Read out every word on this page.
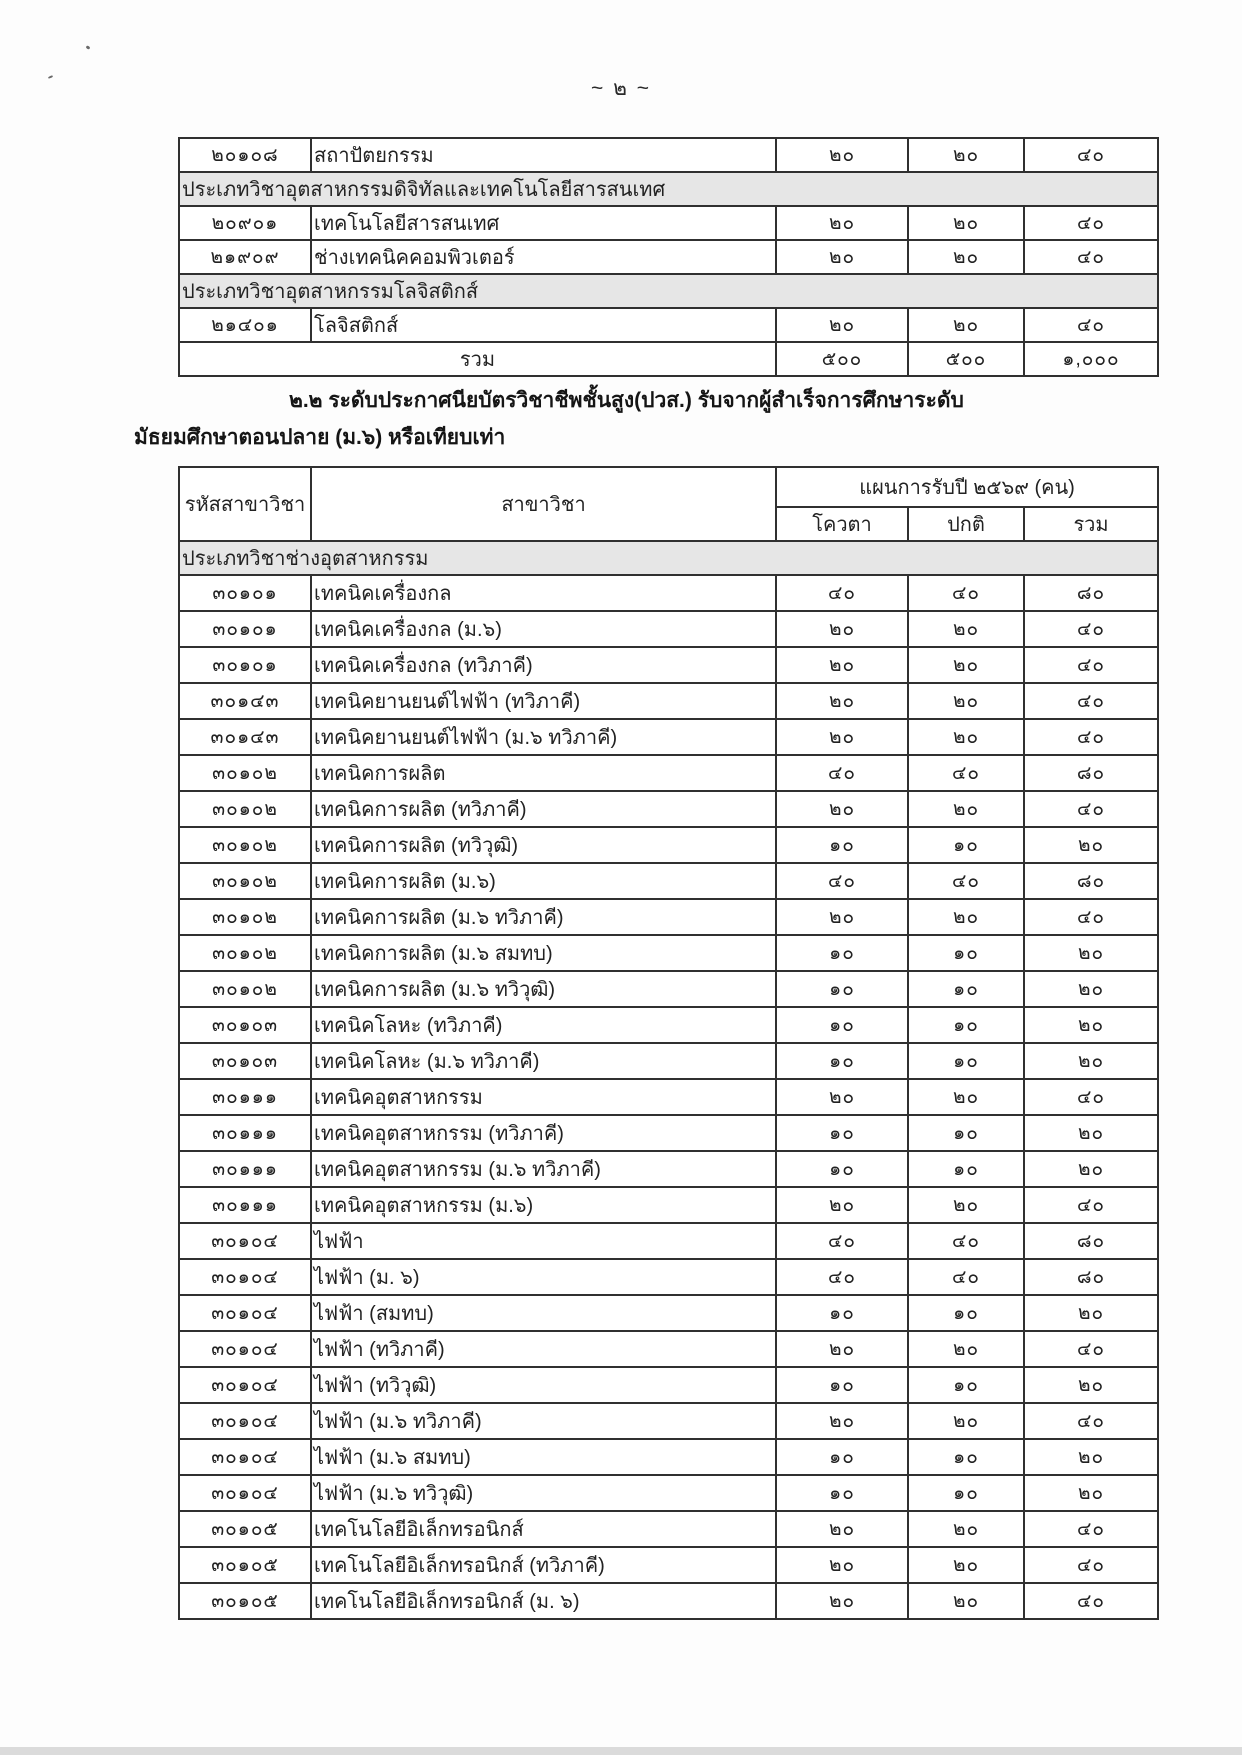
~ ๒ ~
๒๐๑๐๘	สถาปัตยกรรม	๒๐	๒๐	๔๐
ประเภทวิชาอุตสาหกรรมดิจิทัลและเทคโนโลยีสารสนเทศ				
๒๐๙๐๑	เทคโนโลยีสารสนเทศ	๒๐	๒๐	๔๐
๒๑๙๐๙	ช่างเทคนิคคอมพิวเตอร์	๒๐	๒๐	๔๐
ประเภทวิชาอุตสาหกรรมโลจิสติกส์				
๒๑๔๐๑	โลจิสติกส์	๒๐	๒๐	๔๐
รวม		๕๐๐	๕๐๐	๑,๐๐๐
๒.๒ ระดับประกาศนียบัตรวิชาชีพชั้นสูง(ปวส.) รับจากผู้สำเร็จการศึกษาระดับ
มัธยมศึกษาตอนปลาย (ม.๖) หรือเทียบเท่า
รหัสสาขาวิชา	สาขาวิชา	แผนการรับปี ๒๕๖๙ (คน)		
		โควตา	ปกติ	รวม
ประเภทวิชาช่างอุตสาหกรรม				
๓๐๑๐๑	เทคนิคเครื่องกล	๔๐	๔๐	๘๐
๓๐๑๐๑	เทคนิคเครื่องกล (ม.๖)	๒๐	๒๐	๔๐
๓๐๑๐๑	เทคนิคเครื่องกล (ทวิภาคี)	๒๐	๒๐	๔๐
๓๐๑๔๓	เทคนิคยานยนต์ไฟฟ้า (ทวิภาคี)	๒๐	๒๐	๔๐
๓๐๑๔๓	เทคนิคยานยนต์ไฟฟ้า (ม.๖ ทวิภาคี)	๒๐	๒๐	๔๐
๓๐๑๐๒	เทคนิคการผลิต	๔๐	๔๐	๘๐
๓๐๑๐๒	เทคนิคการผลิต (ทวิภาคี)	๒๐	๒๐	๔๐
๓๐๑๐๒	เทคนิคการผลิต (ทวิวุฒิ)	๑๐	๑๐	๒๐
๓๐๑๐๒	เทคนิคการผลิต (ม.๖)	๔๐	๔๐	๘๐
๓๐๑๐๒	เทคนิคการผลิต (ม.๖ ทวิภาคี)	๒๐	๒๐	๔๐
๓๐๑๐๒	เทคนิคการผลิต (ม.๖ สมทบ)	๑๐	๑๐	๒๐
๓๐๑๐๒	เทคนิคการผลิต (ม.๖ ทวิวุฒิ)	๑๐	๑๐	๒๐
๓๐๑๐๓	เทคนิคโลหะ (ทวิภาคี)	๑๐	๑๐	๒๐
๓๐๑๐๓	เทคนิคโลหะ (ม.๖ ทวิภาคี)	๑๐	๑๐	๒๐
๓๐๑๑๑	เทคนิคอุตสาหกรรม	๒๐	๒๐	๔๐
๓๐๑๑๑	เทคนิคอุตสาหกรรม (ทวิภาคี)	๑๐	๑๐	๒๐
๓๐๑๑๑	เทคนิคอุตสาหกรรม (ม.๖ ทวิภาคี)	๑๐	๑๐	๒๐
๓๐๑๑๑	เทคนิคอุตสาหกรรม (ม.๖)	๒๐	๒๐	๔๐
๓๐๑๐๔	ไฟฟ้า	๔๐	๔๐	๘๐
๓๐๑๐๔	ไฟฟ้า (ม. ๖)	๔๐	๔๐	๘๐
๓๐๑๐๔	ไฟฟ้า (สมทบ)	๑๐	๑๐	๒๐
๓๐๑๐๔	ไฟฟ้า (ทวิภาคี)	๒๐	๒๐	๔๐
๓๐๑๐๔	ไฟฟ้า (ทวิวุฒิ)	๑๐	๑๐	๒๐
๓๐๑๐๔	ไฟฟ้า (ม.๖ ทวิภาคี)	๒๐	๒๐	๔๐
๓๐๑๐๔	ไฟฟ้า (ม.๖ สมทบ)	๑๐	๑๐	๒๐
๓๐๑๐๔	ไฟฟ้า (ม.๖ ทวิวุฒิ)	๑๐	๑๐	๒๐
๓๐๑๐๕	เทคโนโลยีอิเล็กทรอนิกส์	๒๐	๒๐	๔๐
๓๐๑๐๕	เทคโนโลยีอิเล็กทรอนิกส์ (ทวิภาคี)	๒๐	๒๐	๔๐
๓๐๑๐๕	เทคโนโลยีอิเล็กทรอนิกส์ (ม. ๖)	๒๐	๒๐	๔๐
